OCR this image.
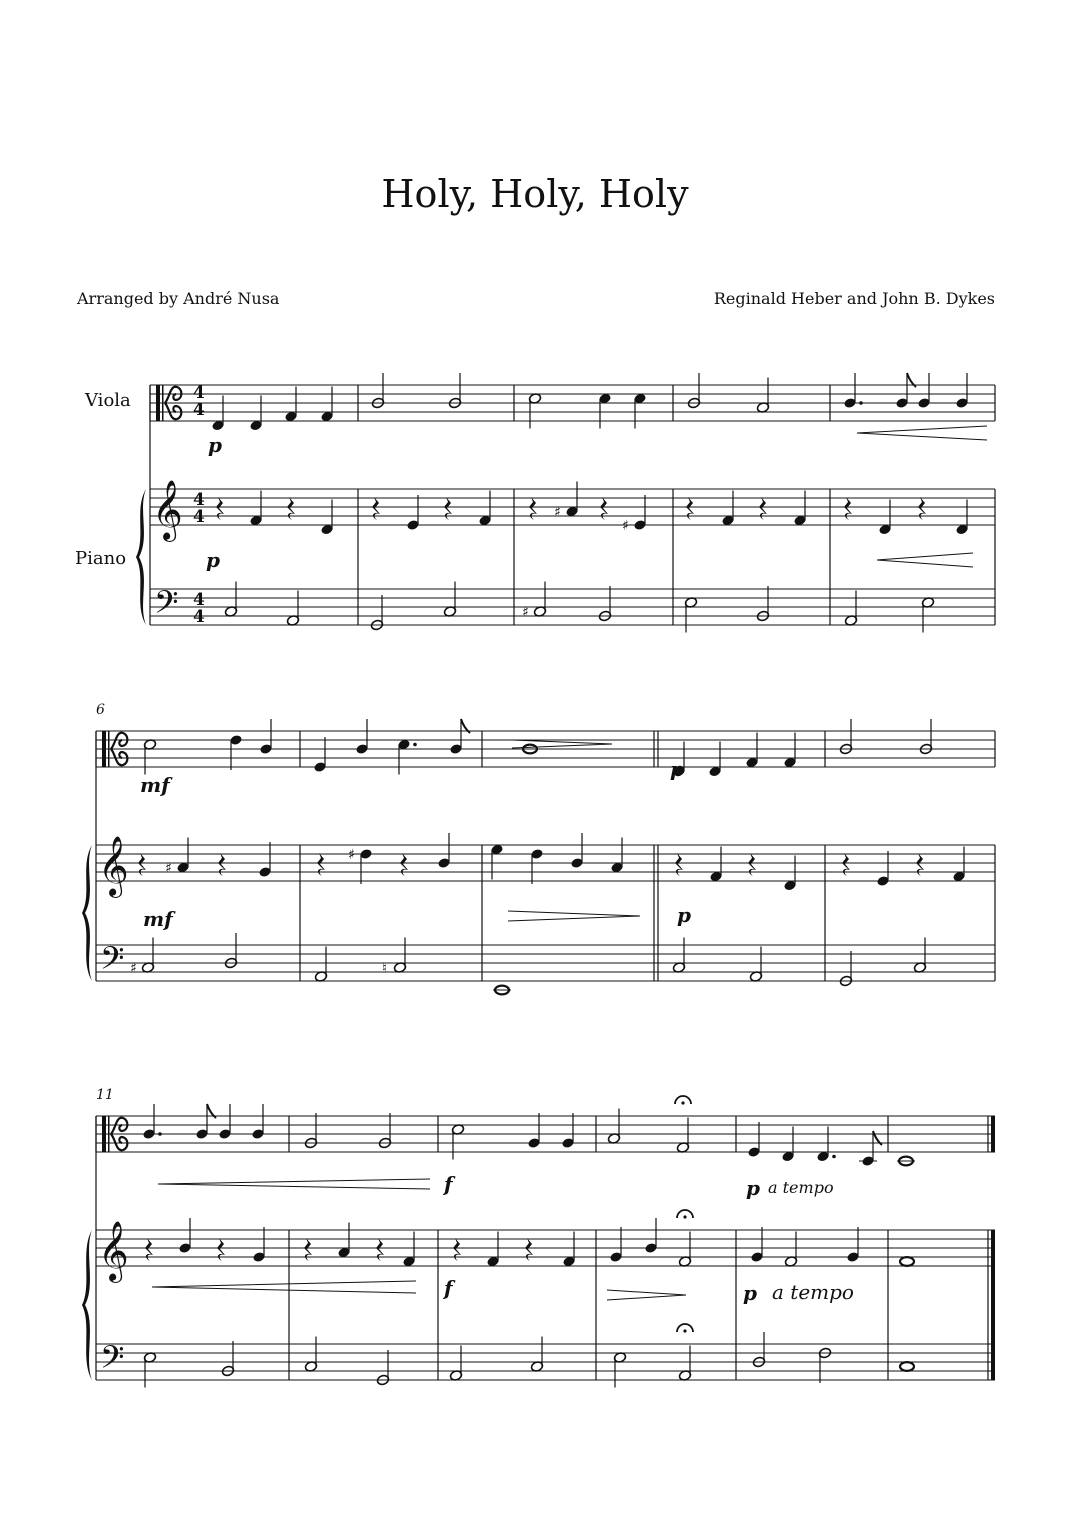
Holy, Holy, Holy
Arranged by André Nusa	Reginald Heber and John B. Dykes
Viola
Piano
6
11
𝄞
𝄢
𝄞
𝄢
𝄞
𝄢
♯
♯
♯
♯
♯
♯	♮
p
p
mf
mf
p
p
f
f
p
p
a tempo
a tempo
4
4
4
4
4
4
